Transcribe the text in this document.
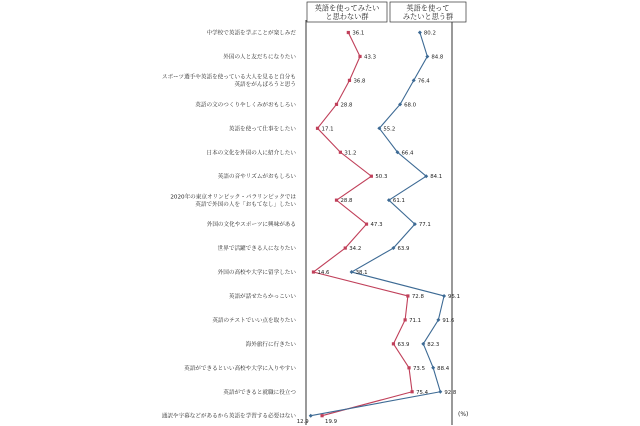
英語を使ってみたい
と思わない群
英語を使って
みたいと思う群
中学校で英語を学ぶことが楽しみだ
外国の人と友だちになりたい
スポーツ選手や英語を使っている大人を見ると自分も
英語をがんばろうと思う
英語の文のつくりやしくみがおもしろい
英語を使って仕事をしたい
日本の文化を外国の人に紹介したい
英語の音やリズムがおもしろい
2020年の東京オリンピック・パラリンピックでは
英語で外国の人を「おもてなし」したい
外国の文化やスポーツに興味がある
世界で活躍できる人になりたい
外国の高校や大学に留学したい
英語が話せたらかっこいい
英語のテストでいい点を取りたい
海外旅行に行きたい
英語ができるといい高校や大学に入りやすい
英語ができると就職に役立つ
通訳や字幕などがあるから英語を学習する必要はない
36.1
43.3
36.8
28.8
17.1
31.2
50.3
28.8
47.3
34.2
14.6
72.8
71.1
63.9
73.5
75.4
19.9
80.2
84.8
76.4
68.0
55.2
66.4
84.1
61.1
77.1
63.9
38.1
95.1
91.6
82.3
88.4
92.8
12.9
(%)
